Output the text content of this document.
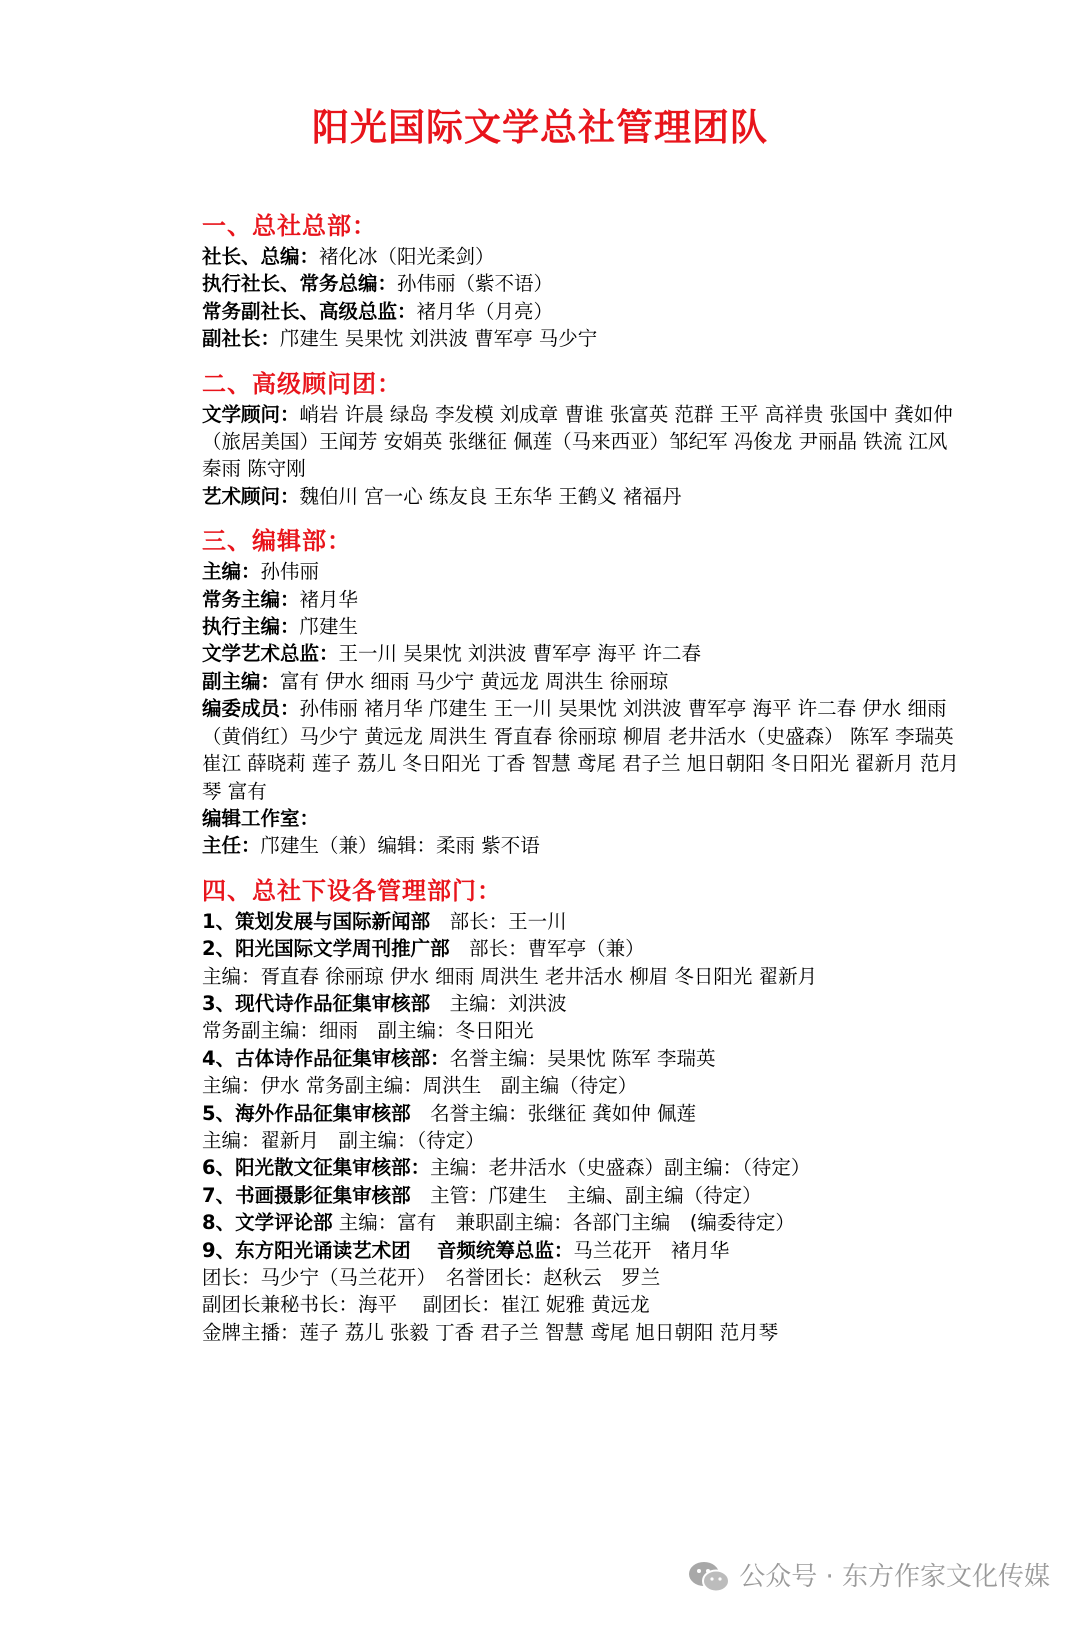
阳光国际文学总社管理团队
一、总社总部：
社长、总编：褚化冰（阳光柔剑）
执行社长、常务总编：孙伟丽（紫不语）
常务副社长、高级总监：褚月华（月亮）
副社长：邝建生 吴果忱 刘洪波 曹军亭 马少宁
二、高级顾问团：
文学顾问：峭岩 许晨 绿岛 李发模 刘成章 曹谁 张富英 范群 王平 高祥贵 张国中 龚如仲（旅居美国）王闻芳 安娟英 张继征 佩莲（马来西亚）邹纪军 冯俊龙 尹丽晶 铁流 江风秦雨 陈守刚
艺术顾问：魏伯川 宫一心 练友良 王东华 王鹤义 褚福丹
三、编辑部：
主编：孙伟丽
常务主编：褚月华
执行主编：邝建生
文学艺术总监：王一川 吴果忱 刘洪波 曹军亭 海平 许二春
副主编：富有 伊水 细雨 马少宁 黄远龙 周洪生 徐丽琼
编委成员：孙伟丽 褚月华 邝建生 王一川 吴果忱 刘洪波 曹军亭 海平 许二春 伊水 细雨（黄俏红）马少宁 黄远龙 周洪生 胥直春 徐丽琼 柳眉 老井活水（史盛森） 陈军 李瑞英 崔江 薛晓莉 莲子 荔儿 冬日阳光 丁香 智慧 鸢尾 君子兰 旭日朝阳 冬日阳光 翟新月 范月琴 富有
编辑工作室：
主任：邝建生（兼）编辑：柔雨 紫不语
四、总社下设各管理部门：
1、策划发展与国际新闻部　部长：王一川
2、阳光国际文学周刊推广部　部长：曹军亭（兼）
主编：胥直春 徐丽琼 伊水 细雨 周洪生 老井活水 柳眉 冬日阳光 翟新月
3、现代诗作品征集审核部　主编：刘洪波
常务副主编：细雨　副主编：冬日阳光
4、古体诗作品征集审核部：名誉主编：吴果忱 陈军 李瑞英
主编：伊水 常务副主编：周洪生　副主编（待定）
5、海外作品征集审核部　名誉主编：张继征 龚如仲 佩莲
主编：翟新月　副主编：（待定）
6、阳光散文征集审核部：主编：老井活水（史盛森）副主编：（待定）
7、书画摄影征集审核部　主管：邝建生　主编、副主编（待定）
8、文学评论部 主编：富有　兼职副主编：各部门主编　(编委待定）
9、东方阳光诵读艺术团　 音频统筹总监：马兰花开　褚月华
团长：马少宁（马兰花开）　名誉团长：赵秋云　罗兰
副团长兼秘书长：海平　 副团长：崔江 妮雅 黄远龙
金牌主播：莲子 荔儿 张毅 丁香 君子兰 智慧 鸢尾 旭日朝阳 范月琴
公众号 · 东方作家文化传媒
